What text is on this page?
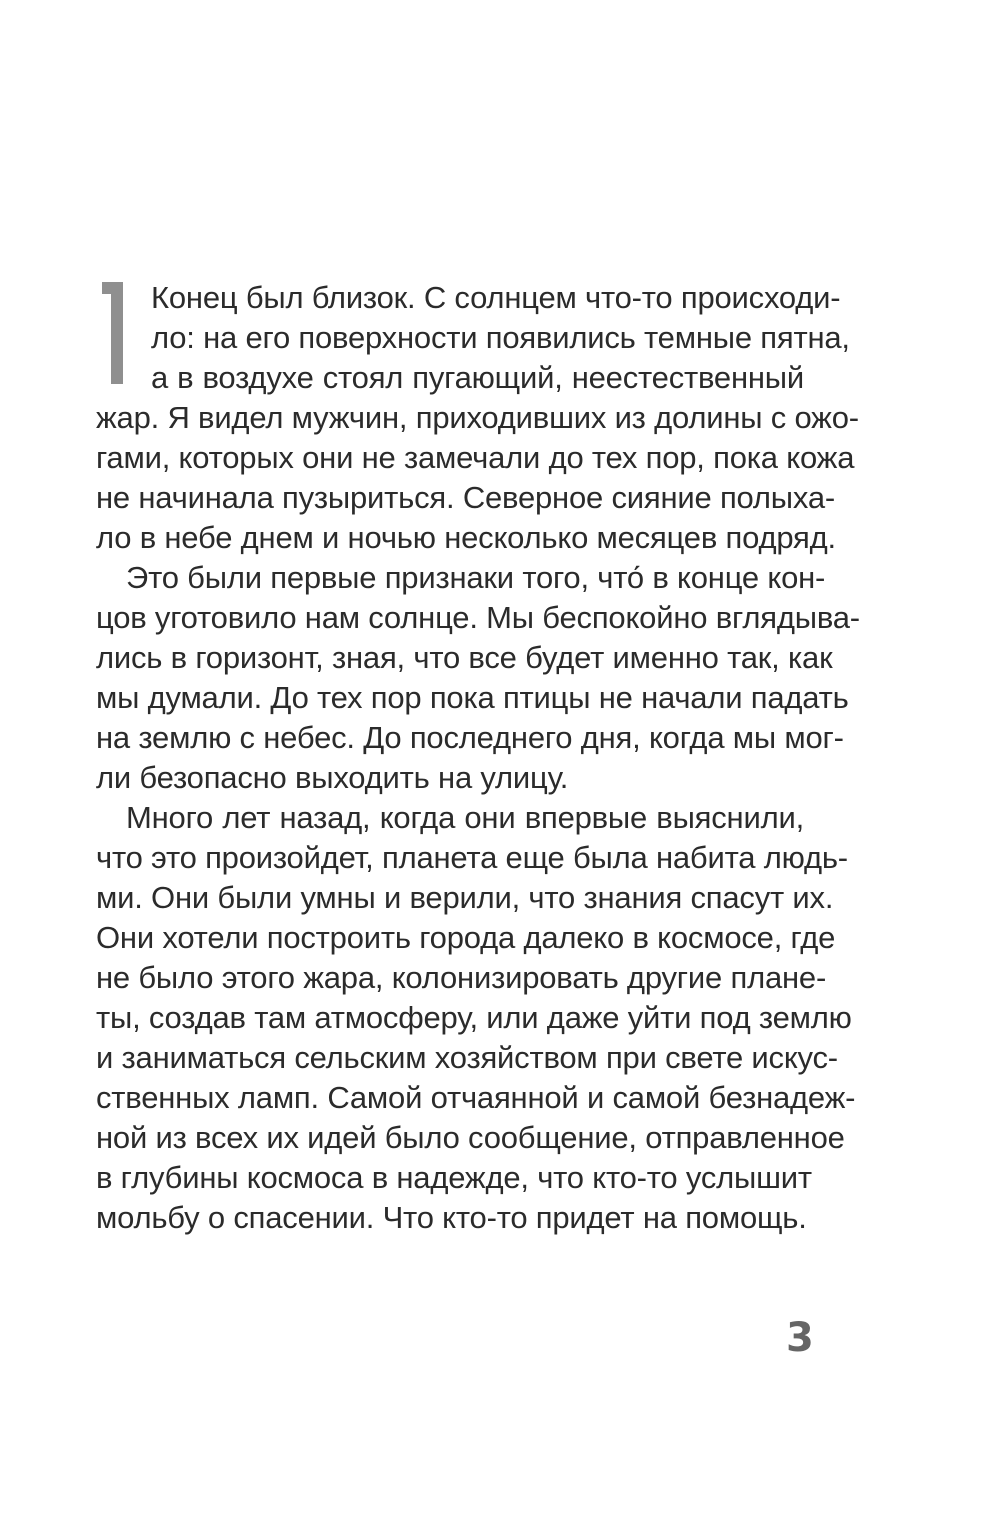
Конец был близок. С солнцем что-то происходи-
ло: на его поверхности появились темные пятна,
а в воздухе стоял пугающий, неестественный
жар. Я видел мужчин, приходивших из долины с ожо-
гами, которых они не замечали до тех пор, пока кожа
не начинала пузыриться. Северное сияние полыха-
ло в небе днем и ночью несколько месяцев подряд.
Это были первые признаки того, что́ в конце кон-
цов уготовило нам солнце. Мы беспокойно вглядыва-
лись в горизонт, зная, что все будет именно так, как
мы думали. До тех пор пока птицы не начали падать
на землю с небес. До последнего дня, когда мы мог-
ли безопасно выходить на улицу.
Много лет назад, когда они впервые выяснили,
что это произойдет, планета еще была набита людь-
ми. Они были умны и верили, что знания спасут их.
Они хотели построить города далеко в космосе, где
не было этого жара, колонизировать другие плане-
ты, создав там атмосферу, или даже уйти под землю
и заниматься сельским хозяйством при свете искус-
ственных ламп. Самой отчаянной и самой безнадеж-
ной из всех их идей было сообщение, отправленное
в глубины космоса в надежде, что кто-то услышит
мольбу о спасении. Что кто-то придет на помощь.
3
